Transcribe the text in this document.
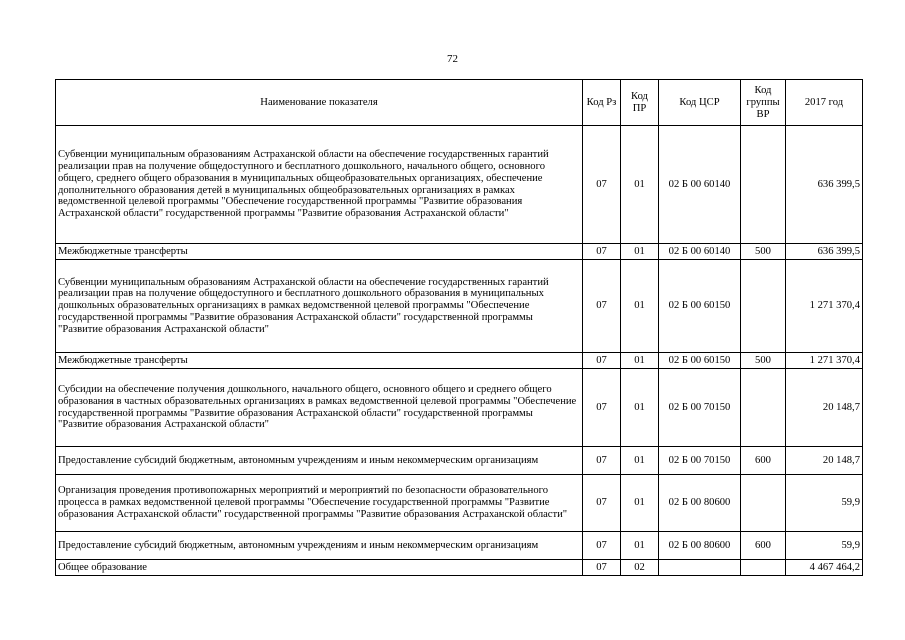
72
Наименование показателя	Код Рз	Код ПР	Код ЦСР	Код группы ВР	2017 год
Субвенции муниципальным образованиям Астраханской области на обеспечение государственных гарантий реализации прав на получение общедоступного и бесплатного дошкольного, начального общего, основного общего, среднего общего образования в муниципальных общеобразовательных организациях, обеспечение дополнительного образования детей в муниципальных общеобразовательных организациях в рамках ведомственной целевой программы "Обеспечение государственной программы "Развитие образования Астраханской области" государственной программы "Развитие образования Астраханской области"	07	01	02 Б 00 60140		636 399,5
Межбюджетные трансферты	07	01	02 Б 00 60140	500	636 399,5
Субвенции муниципальным образованиям Астраханской области на обеспечение государственных гарантий реализации прав на получение общедоступного и бесплатного дошкольного образования в муниципальных дошкольных образовательных организациях в рамках ведомственной целевой программы "Обеспечение государственной программы "Развитие образования Астраханской области" государственной программы "Развитие образования Астраханской области"	07	01	02 Б 00 60150		1 271 370,4
Межбюджетные трансферты	07	01	02 Б 00 60150	500	1 271 370,4
Субсидии на обеспечение получения дошкольного, начального общего, основного общего и среднего общего образования в частных образовательных организациях в рамках ведомственной целевой программы "Обеспечение государственной программы "Развитие образования Астраханской области" государственной программы "Развитие образования Астраханской области"	07	01	02 Б 00 70150		20 148,7
Предоставление субсидий бюджетным, автономным учреждениям и иным некоммерческим организациям	07	01	02 Б 00 70150	600	20 148,7
Организация проведения противопожарных мероприятий и мероприятий по безопасности образовательного процесса в рамках ведомственной целевой программы "Обеспечение государственной программы "Развитие образования Астраханской области" государственной программы "Развитие образования Астраханской области"	07	01	02 Б 00 80600		59,9
Предоставление субсидий бюджетным, автономным учреждениям и иным некоммерческим организациям	07	01	02 Б 00 80600	600	59,9
Общее образование	07	02			4 467 464,2
